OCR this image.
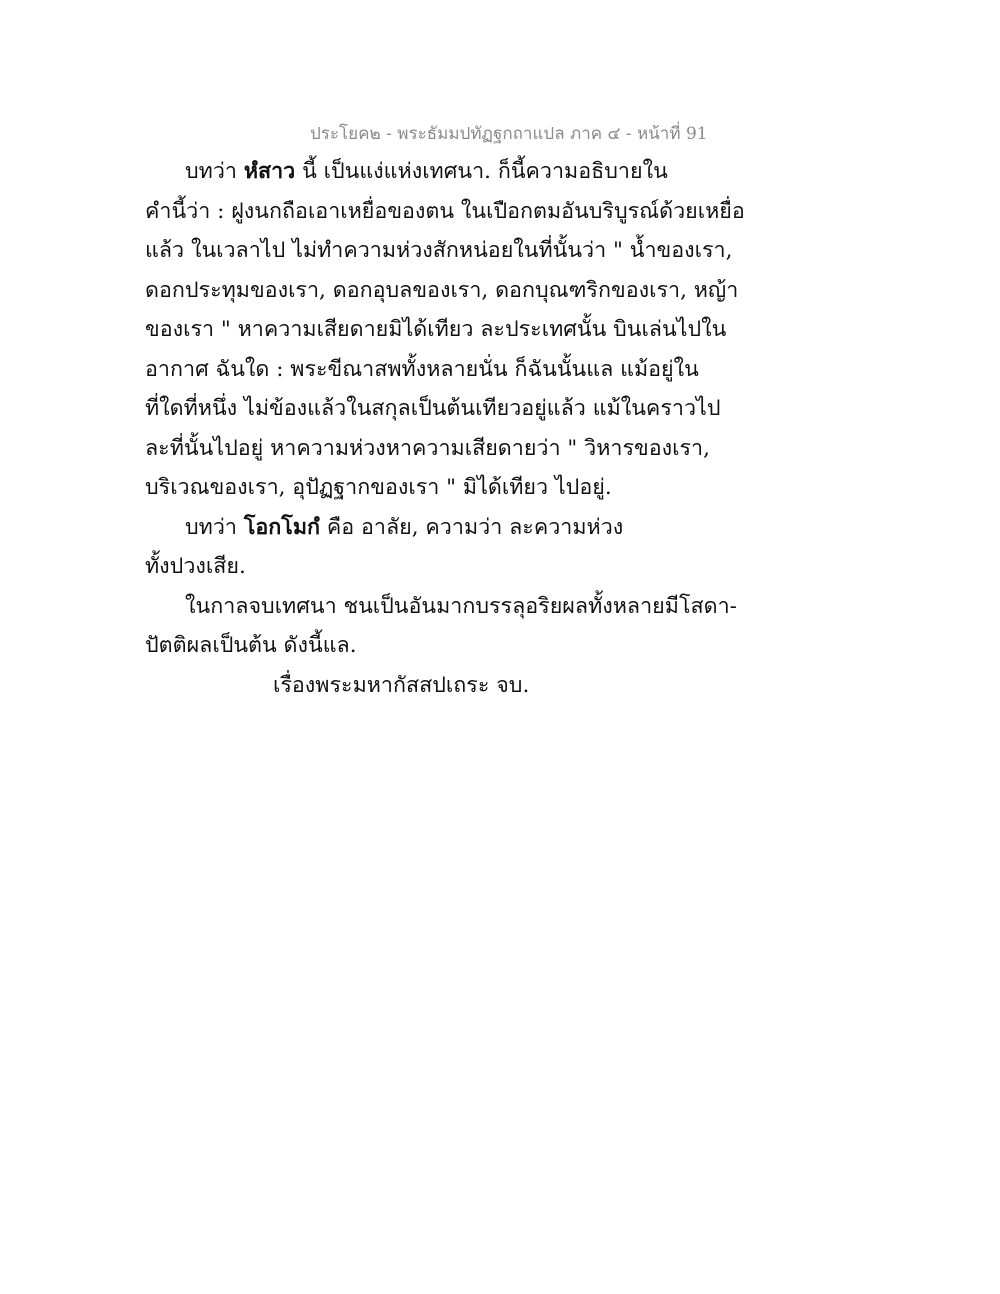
ประโยค๒ - พระธัมมปทัฏฐกถาแปล ภาค ๔ - หน้าที่ 91
บทว่า หํสาว นี้ เป็นแง่แห่งเทศนา. ก็นี้ความอธิบายใน
คำนี้ว่า : ฝูงนกถือเอาเหยื่อของตน ในเปือกตมอันบริบูรณ์ด้วยเหยื่อ
แล้ว ในเวลาไป ไม่ทำความห่วงสักหน่อยในที่นั้นว่า " น้ำของเรา,
ดอกประทุมของเรา, ดอกอุบลของเรา, ดอกบุณฑริกของเรา, หญ้า
ของเรา " หาความเสียดายมิได้เทียว ละประเทศนั้น บินเล่นไปใน
อากาศ ฉันใด : พระขีณาสพทั้งหลายนั่น ก็ฉันนั้นแล แม้อยู่ใน
ที่ใดที่หนึ่ง ไม่ข้องแล้วในสกุลเป็นต้นเทียวอยู่แล้ว แม้ในคราวไป
ละที่นั้นไปอยู่ หาความห่วงหาความเสียดายว่า " วิหารของเรา,
บริเวณของเรา, อุปัฏฐากของเรา " มิได้เทียว ไปอยู่.
บทว่า โอกโมกํ คือ อาลัย, ความว่า ละความห่วง
ทั้งปวงเสีย.
ในกาลจบเทศนา ชนเป็นอันมากบรรลุอริยผลทั้งหลายมีโสดา-
ปัตติผลเป็นต้น ดังนี้แล.
เรื่องพระมหากัสสปเถระ จบ.
